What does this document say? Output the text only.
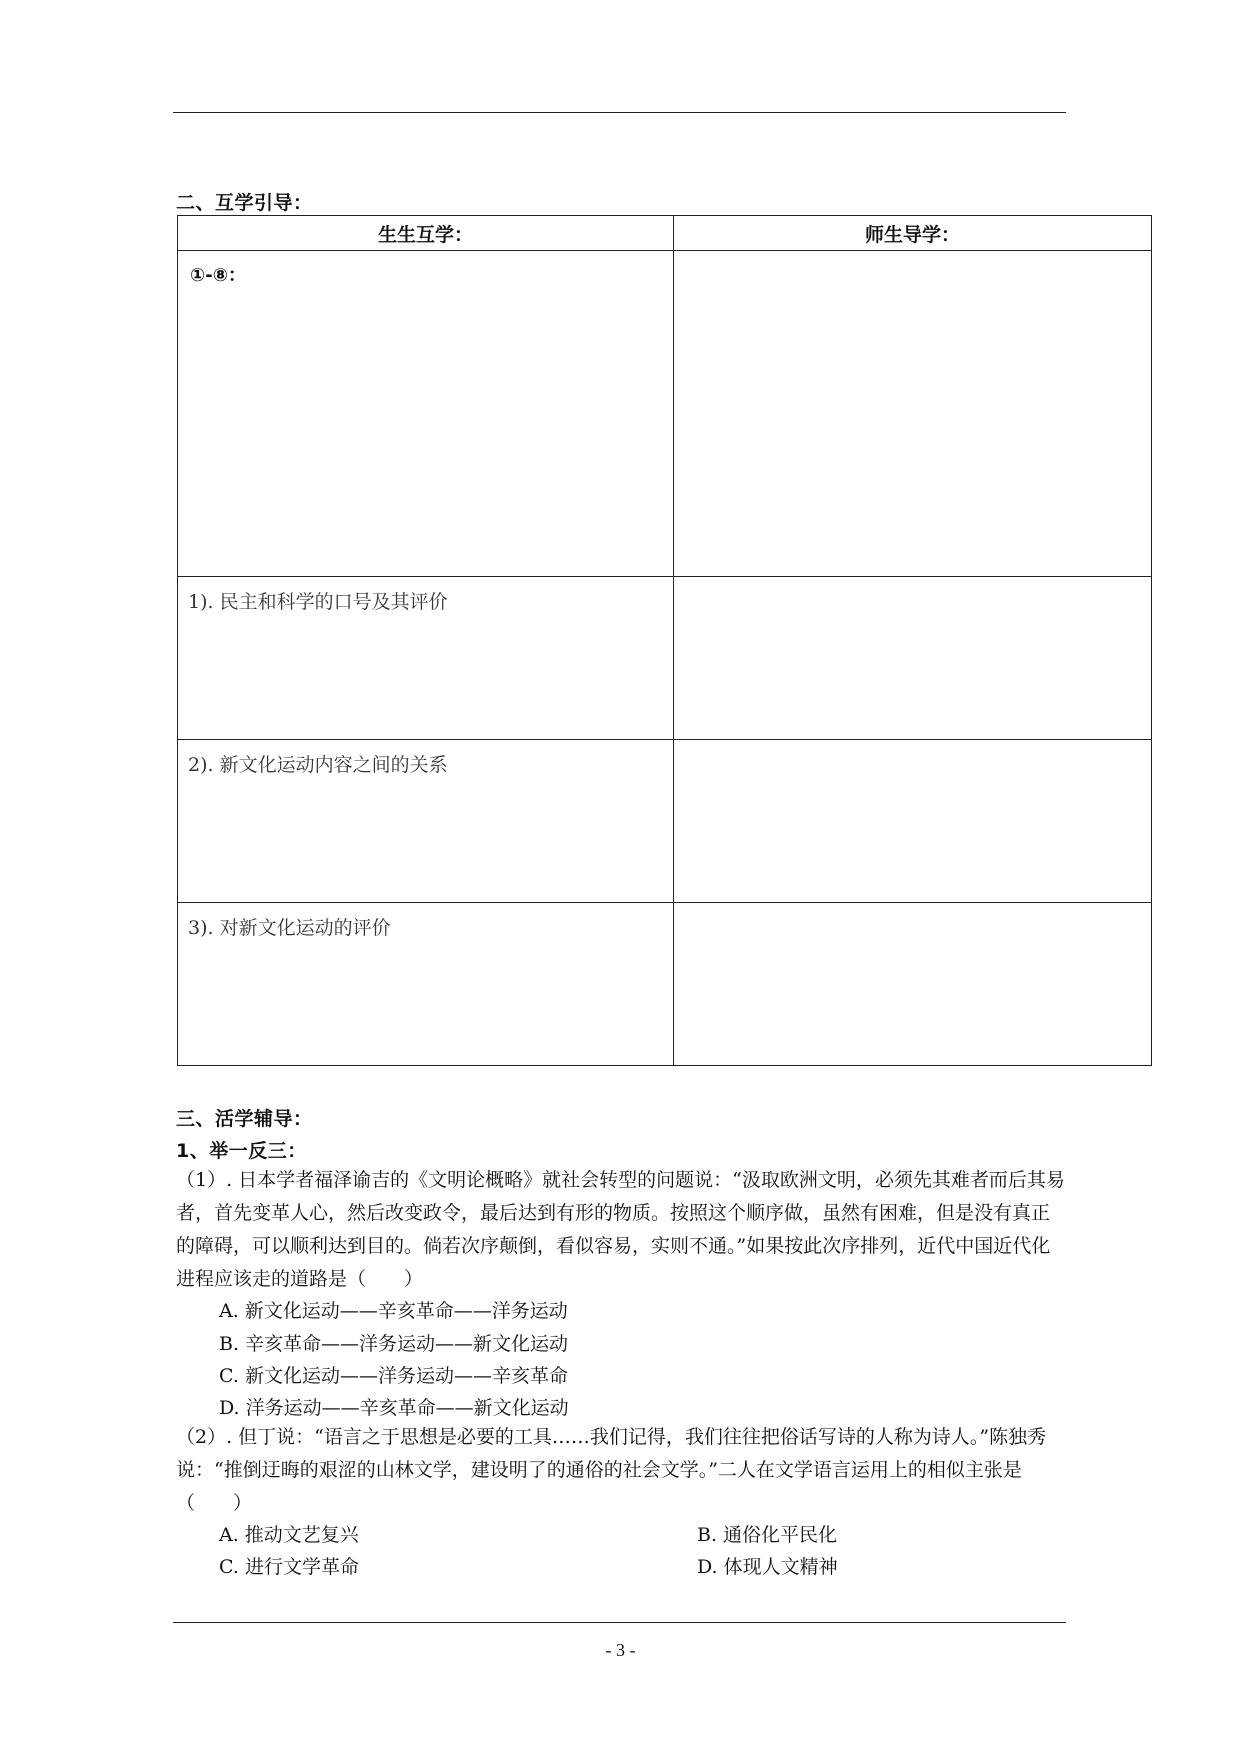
二、互学引导：
生生互学：	师生导学：

①-⑧：	

1). 民主和科学的口号及其评价	

2). 新文化运动内容之间的关系	

3). 对新文化运动的评价	

三、活学辅导：
1、举一反三：
（1）. 日本学者福泽谕吉的《文明论概略》就社会转型的问题说：“汲取欧洲文明，必须先其难者而后其易者，首先变革人心，然后改变政令，最后达到有形的物质。按照这个顺序做，虽然有困难，但是没有真正的障碍，可以顺利达到目的。倘若次序颠倒，看似容易，实则不通。”如果按此次序排列，近代中国近代化进程应该走的道路是（　　）
A. 新文化运动——辛亥革命——洋务运动
B. 辛亥革命——洋务运动——新文化运动
C. 新文化运动——洋务运动——辛亥革命
D. 洋务运动——辛亥革命——新文化运动
（2）. 但丁说：“语言之于思想是必要的工具……我们记得，我们往往把俗话写诗的人称为诗人。”陈独秀说：“推倒迂晦的艰涩的山林文学，建设明了的通俗的社会文学。”二人在文学语言运用上的相似主张是　（　　）
A. 推动文艺复兴	B. 通俗化平民化
C. 进行文学革命	D. 体现人文精神
- 3 -
